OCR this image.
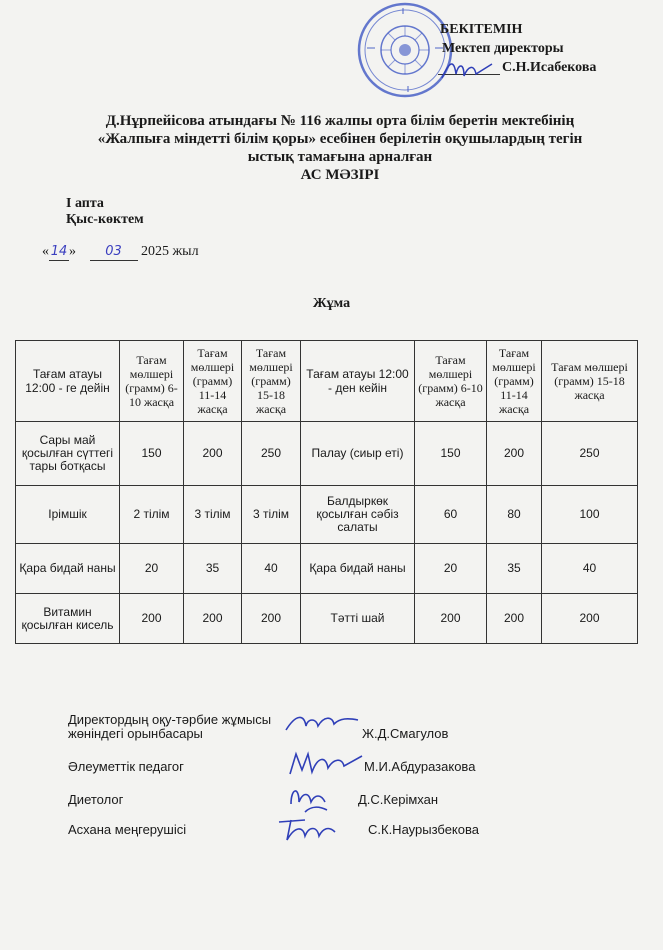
БЕКІТЕМІН
Мектеп директоры
С.Н.Исабекова
Д.Нұрпейісова атындағы № 116 жалпы орта білім беретін мектебінің
«Жалпыға міндетті білім қоры» есебінен берілетін оқушылардың тегін
ыстық тамағына арналған
АС МӘЗІРІ
І апта
Қыс-көктем
« 14 » 03 2025 жыл
Жұма
Тағам атауы 12:00 - ге дейін	Тағам мөлшері (грамм) 6-10 жасқа	Тағам мөлшері (грамм) 11-14 жасқа	Тағам мөлшері (грамм) 15-18 жасқа	Тағам атауы 12:00 - ден кейін	Тағам мөлшері (грамм) 6-10 жасқа	Тағам мөлшері (грамм) 11-14 жасқа	Тағам мөлшері (грамм) 15-18 жасқа
Сары май қосылған сүттегі тары ботқасы	150	200	250	Палау (сиыр еті)	150	200	250
Ірімшік	2 тілім	3 тілім	3 тілім	Балдыркөк қосылған сәбіз салаты	60	80	100
Қара бидай наны	20	35	40	Қара бидай наны	20	35	40
Витамин қосылған кисель	200	200	200	Тәтті шай	200	200	200
Директордың оқу-тәрбие жұмысы
жөніндегі орынбасары	Ж.Д.Смагулов
Әлеуметтік педагог	М.И.Абдуразакова
Диетолог	Д.С.Керімхан
Асхана меңгерушісі	С.К.Наурызбекова
